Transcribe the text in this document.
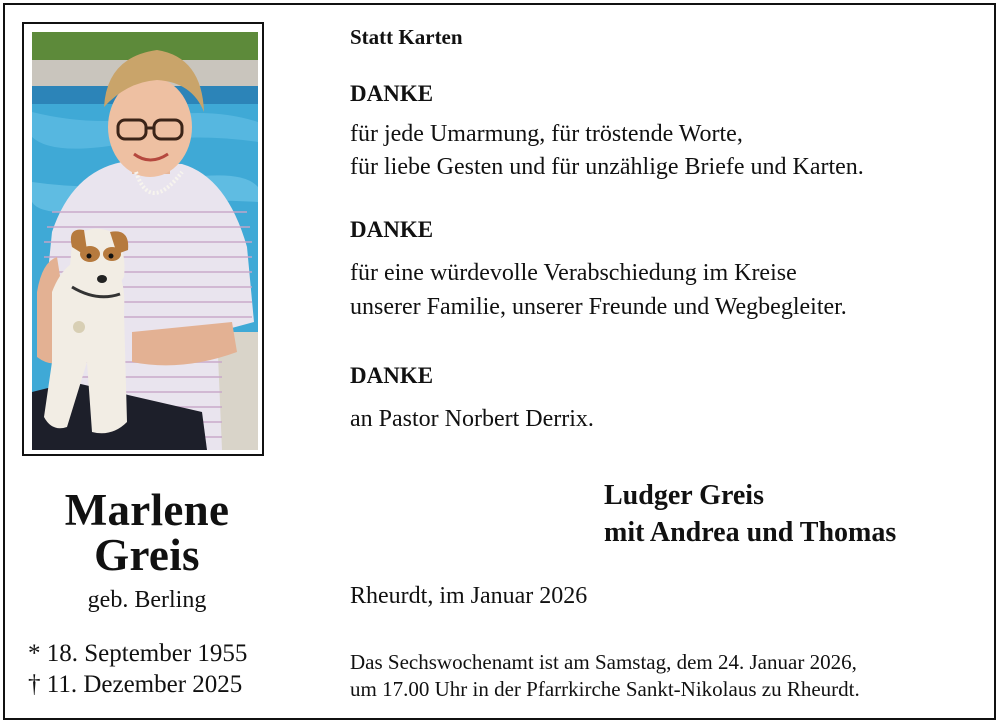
Marlene
Greis
geb. Berling
* 18. September 1955
† 11. Dezember 2025
Statt Karten
DANKE
für jede Umarmung, für tröstende Worte,
für liebe Gesten und für unzählige Briefe und Karten.
DANKE
für eine würdevolle Verabschiedung im Kreise
unserer Familie, unserer Freunde und Wegbegleiter.
DANKE
an Pastor Norbert Derrix.
Ludger Greis
mit Andrea und Thomas
Rheurdt, im Januar 2026
Das Sechswochenamt ist am Samstag, dem 24. Januar 2026,
um 17.00 Uhr in der Pfarrkirche Sankt-Nikolaus zu Rheurdt.
